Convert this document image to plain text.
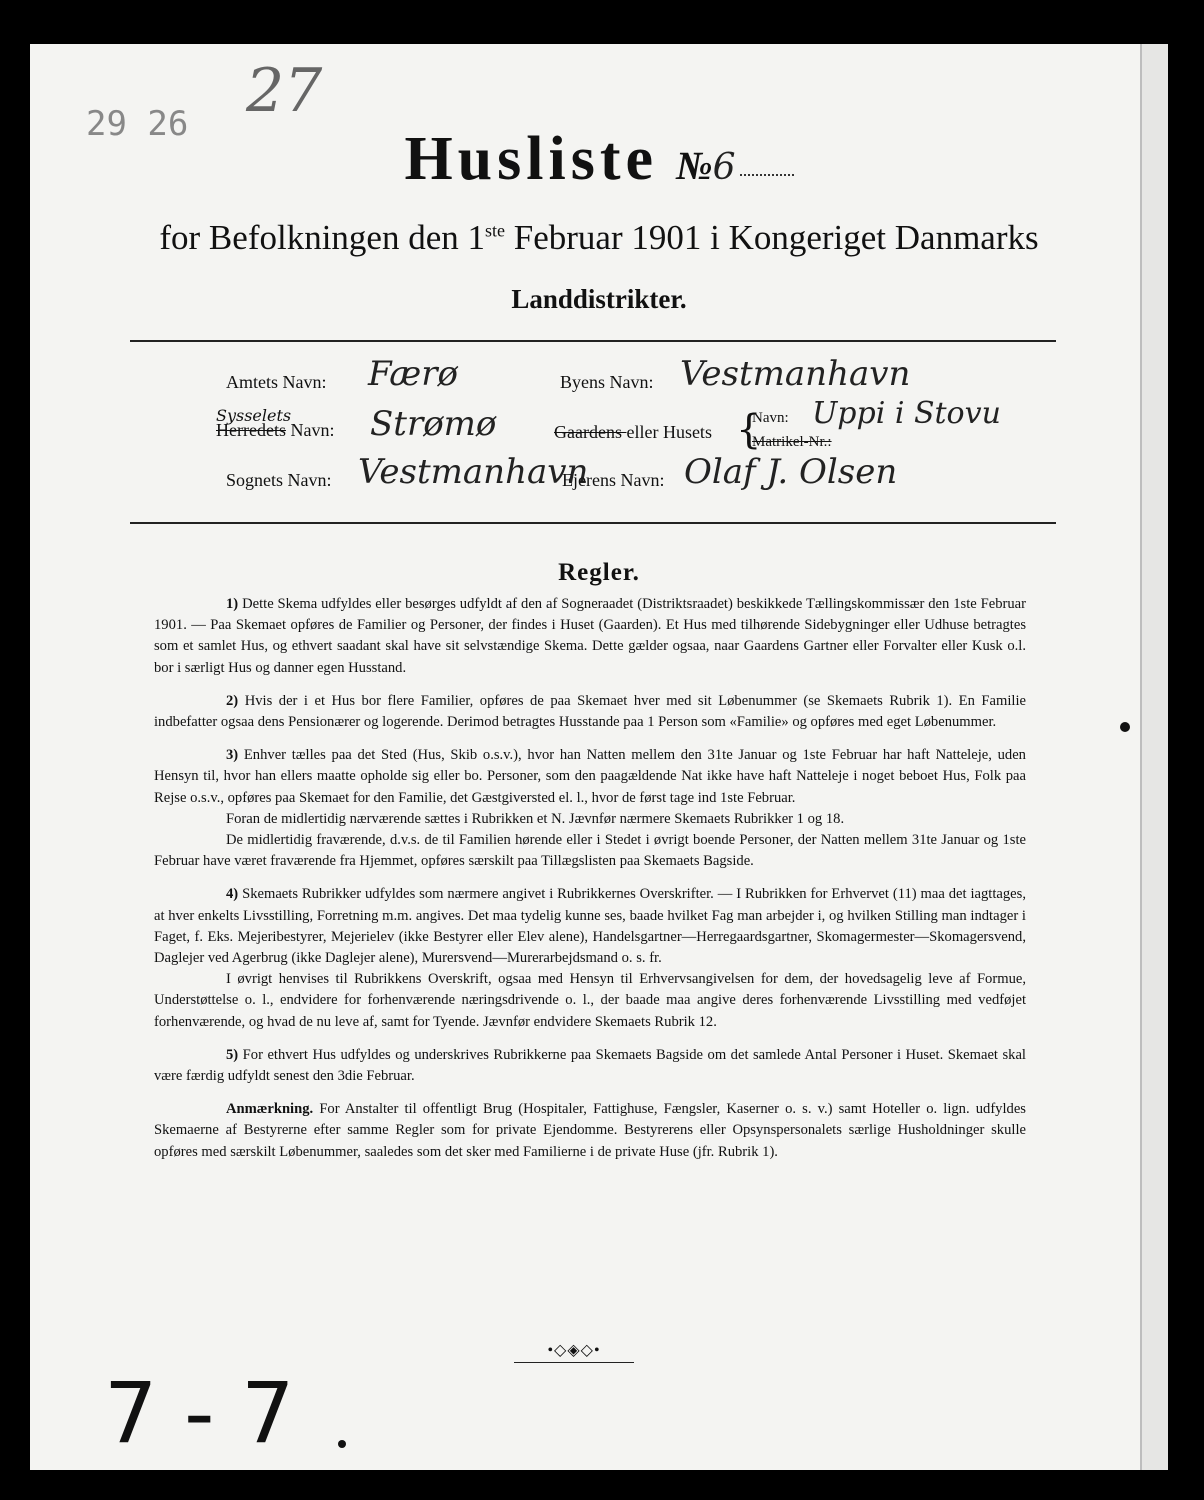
29 26 27
Husliste №6
for Befolkningen den 1ste Februar 1901 i Kongeriget Danmarks
Landdistrikter.
Amtets Navn: Færø
Sysselets
Herredets Navn: Strømø
Sognets Navn: Vestmanhavn
Byens Navn: Vestmanhavn
Gaardens eller Husets {
Navn: Uppi i Stovu
Matrikel-Nr.:
Ejerens Navn: Olaf J. Olsen
Regler.

1) Dette Skema udfyldes eller besørges udfyldt af den af Sogneraadet (Distriktsraadet) beskikkede Tællingskommissær den 1ste Februar 1901. — Paa Skemaet opføres de Familier og Personer, der findes i Huset (Gaarden). Et Hus med tilhørende Sidebygninger eller Udhuse betragtes som et samlet Hus, og ethvert saadant skal have sit selvstændige Skema. Dette gælder ogsaa, naar Gaardens Gartner eller Forvalter eller Kusk o.l. bor i særligt Hus og danner egen Husstand.

2) Hvis der i et Hus bor flere Familier, opføres de paa Skemaet hver med sit Løbenummer (se Skemaets Rubrik 1). En Familie indbefatter ogsaa dens Pensionærer og logerende. Derimod betragtes Husstande paa 1 Person som «Familie» og opføres med eget Løbenummer.

3) Enhver tælles paa det Sted (Hus, Skib o.s.v.), hvor han Natten mellem den 31te Januar og 1ste Februar har haft Natteleje, uden Hensyn til, hvor han ellers maatte opholde sig eller bo. Personer, som den paagældende Nat ikke have haft Natteleje i noget beboet Hus, Folk paa Rejse o.s.v., opføres paa Skemaet for den Familie, det Gæstgiversted el. l., hvor de først tage ind 1ste Februar.

Foran de midlertidig nærværende sættes i Rubrikken et N. Jævnfør nærmere Skemaets Rubrikker 1 og 18.

De midlertidig fraværende, d.v.s. de til Familien hørende eller i Stedet i øvrigt boende Personer, der Natten mellem 31te Januar og 1ste Februar have været fraværende fra Hjemmet, opføres særskilt paa Tillægslisten paa Skemaets Bagside.

4) Skemaets Rubrikker udfyldes som nærmere angivet i Rubrikkernes Overskrifter. — I Rubrikken for Erhvervet (11) maa det iagttages, at hver enkelts Livsstilling, Forretning m.m. angives. Det maa tydelig kunne ses, baade hvilket Fag man arbejder i, og hvilken Stilling man indtager i Faget, f. Eks. Mejeribestyrer, Mejerielev (ikke Bestyrer eller Elev alene), Handelsgartner—Herregaardsgartner, Skomagermester—Skomagersvend, Daglejer ved Agerbrug (ikke Daglejer alene), Murersvend—Murerarbejdsmand o. s. fr.

I øvrigt henvises til Rubrikkens Overskrift, ogsaa med Hensyn til Erhvervsangivelsen for dem, der hovedsagelig leve af Formue, Understøttelse o. l., endvidere for forhenværende næringsdrivende o. l., der baade maa angive deres forhenværende Livsstilling med vedføjet forhenværende, og hvad de nu leve af, samt for Tyende. Jævnfør endvidere Skemaets Rubrik 12.

5) For ethvert Hus udfyldes og underskrives Rubrikkerne paa Skemaets Bagside om det samlede Antal Personer i Huset. Skemaet skal være færdig udfyldt senest den 3die Februar.

Anmærkning. For Anstalter til offentligt Brug (Hospitaler, Fattighuse, Fængsler, Kaserner o. s. v.) samt Hoteller o. lign. udfyldes Skemaerne af Bestyrerne efter samme Regler som for private Ejendomme. Bestyrerens eller Opsynspersonalets særlige Husholdninger skulle opføres med særskilt Løbenummer, saaledes som det sker med Familierne i de private Huse (jfr. Rubrik 1).

•◇◈◇•
7 - 7
